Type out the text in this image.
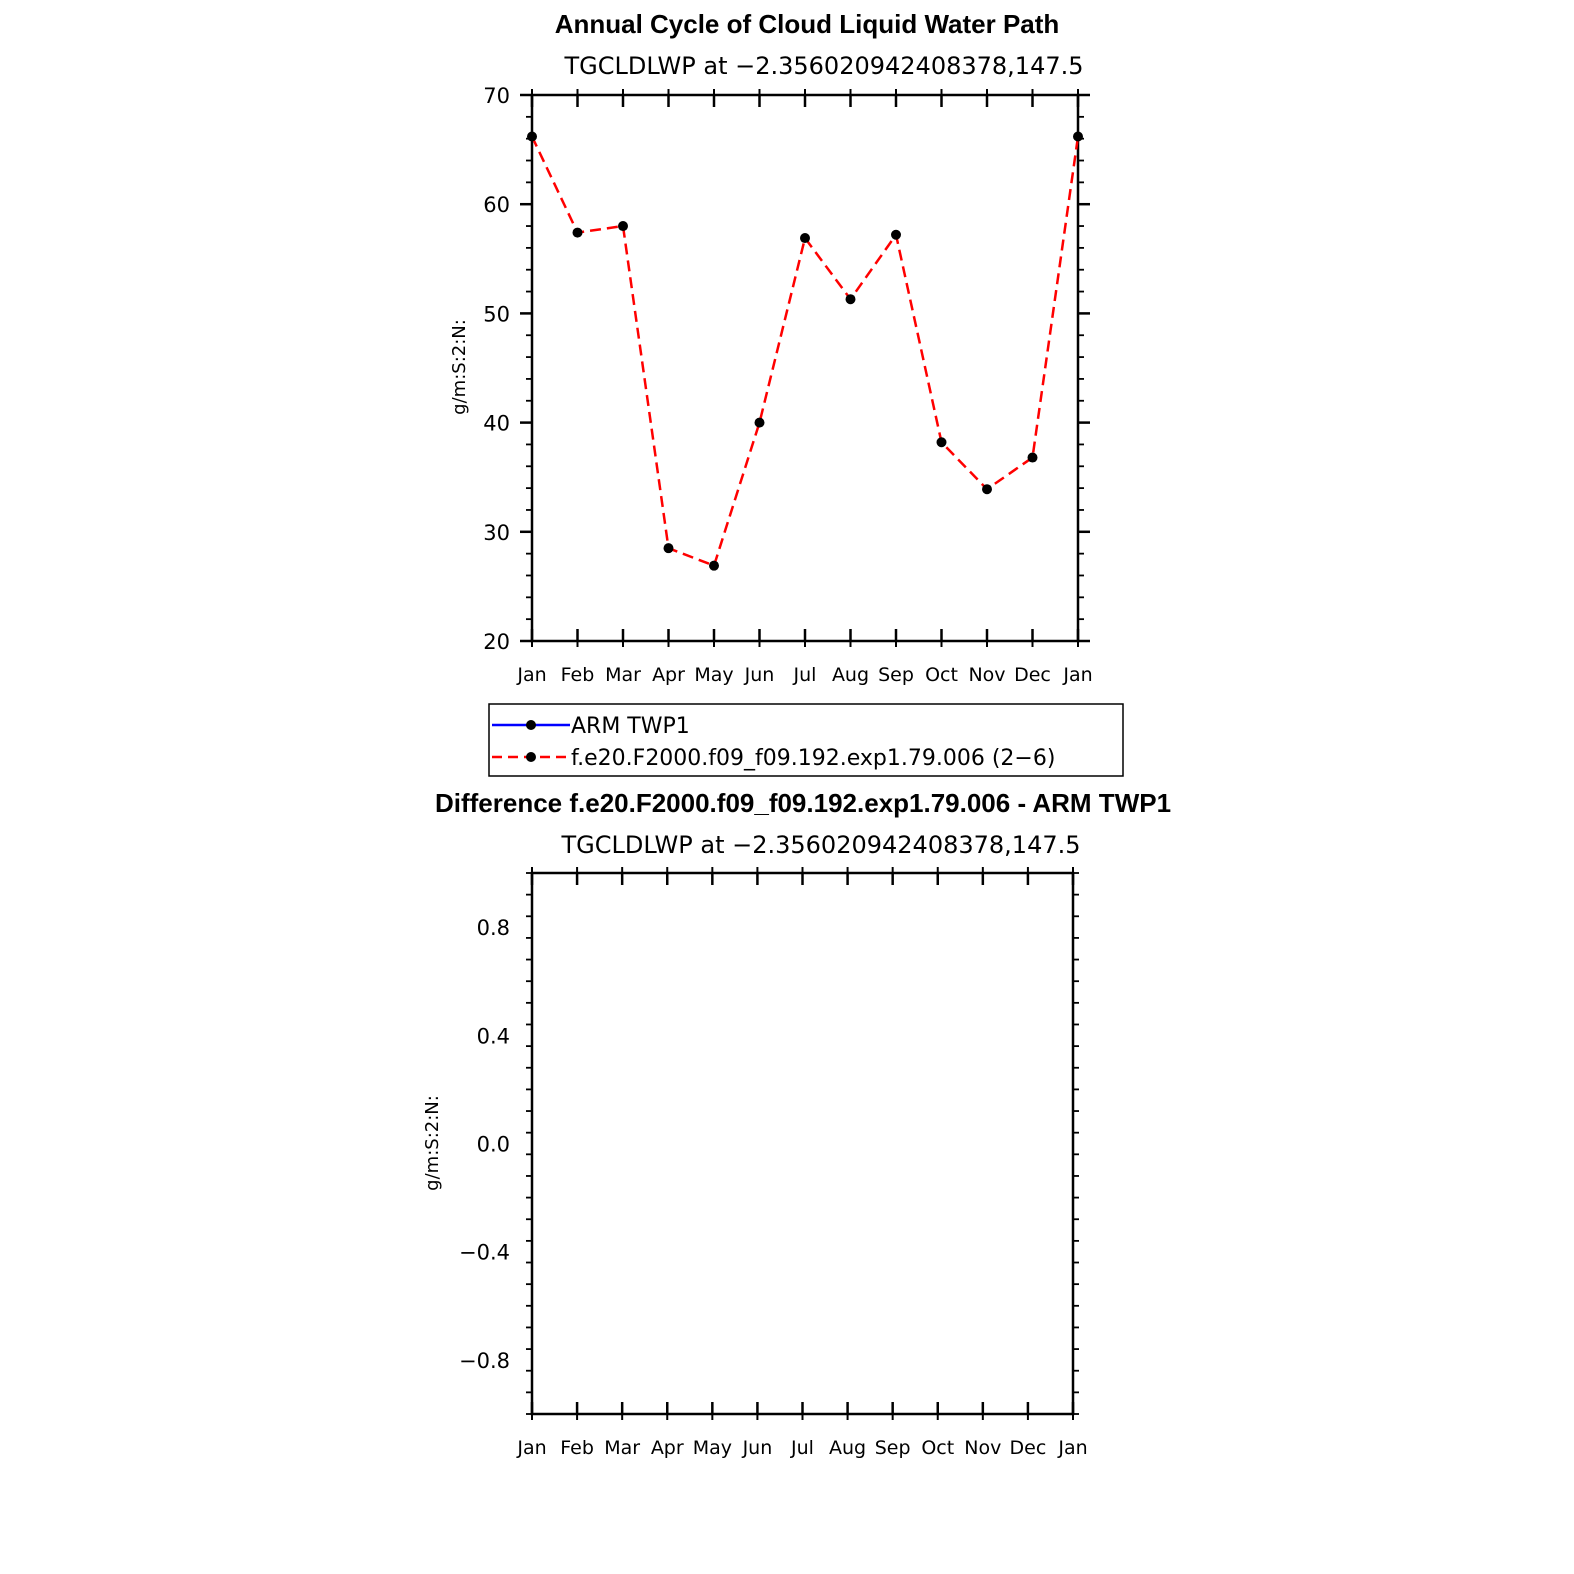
Annual Cycle of Cloud Liquid Water Path
TGCLDLWP at −2.356020942408378,147.5
g/m:S:2:N:
Jan Feb Mar Apr May Jun Jul Aug Sep Oct Nov Dec Jan
20
30
40
50
60
70
ARM TWP1
f.e20.F2000.f09_f09.192.exp1.79.006 (2−6)
Difference f.e20.F2000.f09_f09.192.exp1.79.006 - ARM TWP1
TGCLDLWP at −2.356020942408378,147.5
g/m:S:2:N:
Jan Feb Mar Apr May Jun Jul Aug Sep Oct Nov Dec Jan
−0.8
−0.4
0.0
0.4
0.8
